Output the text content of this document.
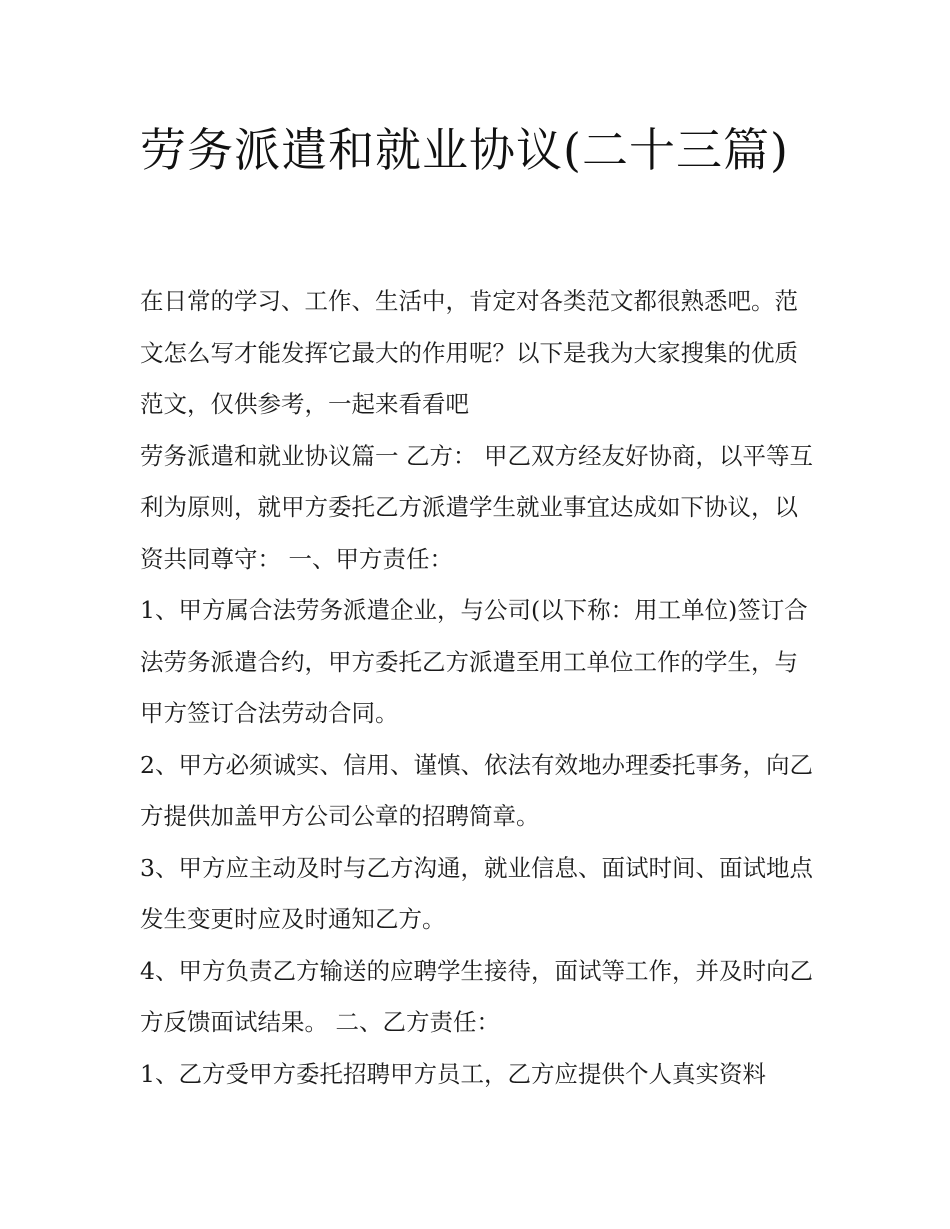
劳务派遣和就业协议(二十三篇)

在日常的学习、工作、生活中，肯定对各类范文都很熟悉吧。范文怎么写才能发挥它最大的作用呢？以下是我为大家搜集的优质范文，仅供参考，一起来看看吧

劳务派遣和就业协议篇一 乙方： 甲乙双方经友好协商，以平等互利为原则，就甲方委托乙方派遣学生就业事宜达成如下协议，以资共同尊守： 一、甲方责任：

1、甲方属合法劳务派遣企业，与公司(以下称：用工单位)签订合法劳务派遣合约，甲方委托乙方派遣至用工单位工作的学生，与甲方签订合法劳动合同。

2、甲方必须诚实、信用、谨慎、依法有效地办理委托事务，向乙方提供加盖甲方公司公章的招聘简章。

3、甲方应主动及时与乙方沟通，就业信息、面试时间、面试地点发生变更时应及时通知乙方。

4、甲方负责乙方输送的应聘学生接待，面试等工作，并及时向乙方反馈面试结果。 二、乙方责任：

1、乙方受甲方委托招聘甲方员工，乙方应提供个人真实资料
